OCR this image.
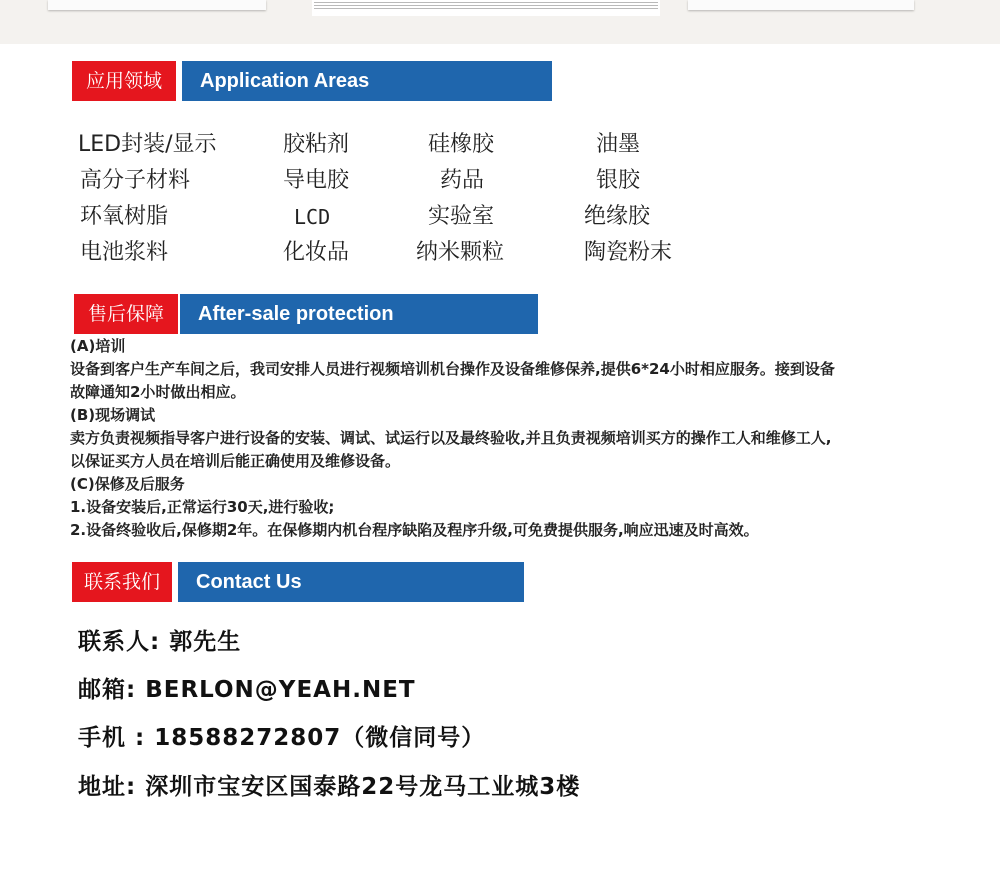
应用领域	Application Areas
LED封装/显示	胶粘剂	硅橡胶	油墨
高分子材料	导电胶	药品	银胶
环氧树脂	LCD	实验室	绝缘胶
电池浆料	化妆品	纳米颗粒	陶瓷粉末
售后保障	After-sale protection
(A)培训
设备到客户生产车间之后，我司安排人员进行视频培训机台操作及设备维修保养,提供6*24小时相应服务。接到设备
故障通知2小时做出相应。
(B)现场调试
卖方负责视频指导客户进行设备的安装、调试、试运行以及最终验收,并且负责视频培训买方的操作工人和维修工人,
以保证买方人员在培训后能正确使用及维修设备。
(C)保修及后服务
1.设备安装后,正常运行30天,进行验收;
2.设备终验收后,保修期2年。在保修期内机台程序缺陷及程序升级,可免费提供服务,响应迅速及时高效。
联系我们	Contact Us
联系人: 郭先生
邮箱: BERLON@YEAH.NET
手机 : 18588272807（微信同号）
地址: 深圳市宝安区国泰路22号龙马工业城3楼
